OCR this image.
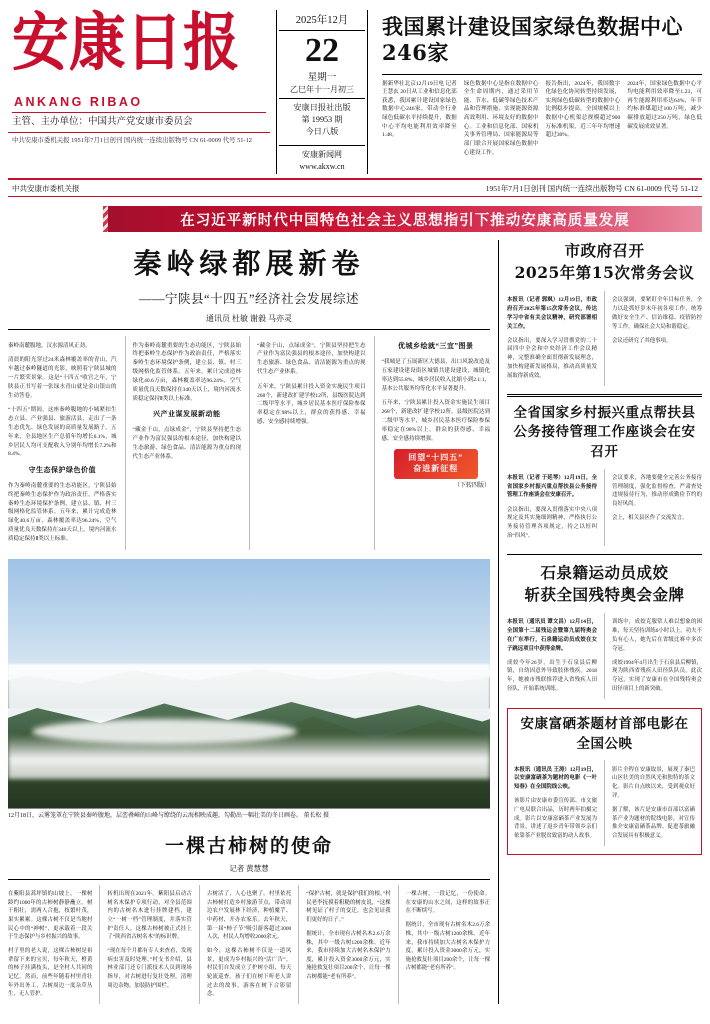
安康日报
ANKANG RIBAO
主管、主办单位：中国共产党安康市委员会
中共安康市委机关报 1951年7月1日创刊 国内统一连续出版物号 CN 61-0009 代号 51-12
2025年12月
22
星期一
乙巳年十一月初三
安康日报社出版
第 19953 期
今日八版
安康新闻网
www.akxw.cn
我国累计建设国家绿色数据中心246家
据新华社北京12月19日电 记者王慧玄 20日从工业和信息化部获悉，我国累计建设国家绿色数据中心246家，带动全行业绿色低碳水平持续提升，数据中心平均电能利用效率降至1.48。
绿色数据中心是指在数据中心全生命周期内，通过采用节能、节水、低碳等绿色技术产品和管理措施，实现能源资源高效利用、环境友好的数据中心。工业和信息化部、国家机关事务管理局、国家能源局等部门联合开展国家绿色数据中心建设工作。
报告指出，2024年，我国数字化绿色化协同转型持续发展，实现绿色低碳转型的数据中心比例稳步提高。全国规模以上数据中心机架总规模超过900万标准机架，近三年年均增速超过30%。
2024年，国家绿色数据中心平均电能利用效率降至1.23，可再生能源利用率达64%，年节约标准煤超过100万吨，减少碳排放超过250万吨，绿色低碳发展成效显著。
中共安康市委机关报	1951年7月1日创刊 国内统一连续出版物号 CN 61-0009 代号 51-12
在习近平新时代中国特色社会主义思想指引下推动安康高质量发展
秦岭绿都展新卷
——宁陕县“十四五”经济社会发展综述
通讯员 杜敏 谢毅 马亦灵

秦岭南麓腹地，汉水源清风正劲。

清晨的阳光穿过24米森林覆盖率的青山，汽车越过秦岭隧道的光影，映照着宁陕县城的一片繁荣景象。这是“十四五”收官之年，宁陕县正书写着一张绿水青山就是金山银山的生动答卷。

“十四五”期间，这座秦岭腹地的小城紧扣生态立县、产业强县、旅游活县，走出了一条生态优先、绿色发展的高质量发展路子。五年来，全县地区生产总值年均增长6.1%，城乡居民人均可支配收入分别年均增长7.2%和8.4%。

守生态保护绿色价值

作为秦岭南麓重要的生态功能区，宁陕县始终把秦岭生态保护作为政治责任，严格落实秦岭生态环境保护条例，建立县、镇、村三级网格化监管体系。五年来，累计完成造林绿化40.6万亩，森林覆盖率达96.24%，空气质量优良天数保持在340天以上，境内河流水质稳定保持Ⅱ类以上标准。

作为秦岭南麓重要的生态功能区，宁陕县始终把秦岭生态保护作为政治责任，严格落实秦岭生态环境保护条例，建立县、镇、村三级网格化监管体系。五年来，累计完成造林绿化40.6万亩，森林覆盖率达96.24%，空气质量优良天数保持在340天以上，境内河流水质稳定保持Ⅱ类以上标准。

兴产业谋发展新动能

“藏金于山，点绿成金”，宁陕县坚持把生态产业作为富民强县的根本途径，加快构建以生态旅游、绿色食品、清洁能源为重点的现代生态产业体系。

“藏金于山，点绿成金”，宁陕县坚持把生态产业作为富民强县的根本途径，加快构建以生态旅游、绿色食品、清洁能源为重点的现代生态产业体系。

五年来，宁陕县累计投入资金实施民生项目268个，新建改扩建学校12所，县级医院达到二级甲等水平，城乡居民基本医疗保险参保率稳定在98%以上，群众的获得感、幸福感、安全感持续增强。

优城乡绘就“三宜”图景

“我城是了五展新区大德县，出口风貌改造及五家建设建设街区城镇共建设建设，城镇化率达到55.8%，城乡居民收入比缩小到2.1:1，基本公共服务均等化水平显著提升。

五年来，宁陕县累计投入资金实施民生项目268个，新建改扩建学校12所，县级医院达到二级甲等水平，城乡居民基本医疗保险参保率稳定在98%以上，群众的获得感、幸福感、安全感持续增强。

回望“十四五”
奋进新征程
（下转四版）
12月18日，云雾笼罩在宁陕县秦岭腹地，层峦叠嶂的山峰与缭绕的云海相映成趣，勾勒出一幅壮美的冬日画卷。 董长松 摄
一棵古柿树的使命
记者 黄慧慧

在紫阳县蒿坪镇的山坡上，一棵树龄约1000年的古柿树静静矗立。树干粗壮，需两人合抱，枝繁叶茂，果实累累。这棵古树不仅是当地村民心中的“神树”，更承载着一段关于生态保护与乡村振兴的故事。

村子里的老人说，这棵古柿树是祖辈留下来的宝贝，每年秋天，橙黄的柿子挂满枝头，是全村人共同的记忆。然而，前些年随着村里青壮年外出务工，古树周边一度杂草丛生，无人管护。

转机出现在2021年。紫阳县启动古树名木保护专项行动，对全县范围内的古树名木进行挂牌建档，建立“一树一档”管理制度，并落实管护责任人。这棵古柿树被正式挂上了“陕西省古树名木”的标识牌。

“现在每个月都有专人来查看，发现病虫害及时处理。”村支书介绍，县林业部门还专门派技术人员到现场指导，对古树进行复壮处理，清理周边杂物，加装防护围栏。

古树活了，人心也聚了。村里依托古柿树打造乡村旅游节点，带动周边农户发展林下经济，种植魔芋、中药材，开办农家乐。去年秋天，第一届“柿子节”吸引游客超过3000人次，村民人均增收2000余元。

如今，这棵古柿树不仅是一道风景，更成为乡村振兴的“活广告”。村民们自发成立了护树小组，每天轮流巡查。孩子们在树下听老人讲过去的故事，游客在树下合影留念。

“保护古树，就是保护我们的根。”村民老李抚摸着粗糙的树皮说，“这棵树见证了村子的变迁，也会见证我们更好的日子。”

据统计，全市现有古树名木2.6万余株，其中一级古树1200余株。近年来，我市持续加大古树名木保护力度，累计投入资金3000余万元，实施抢救复壮项目200余个，让每一棵古树都能“老有所养”。

一棵古树，一段记忆，一份使命。在安康的山水之间，这样的故事正在不断续写。

据统计，全市现有古树名木2.6万余株，其中一级古树1200余株。近年来，我市持续加大古树名木保护力度，累计投入资金3000余万元，实施抢救复壮项目200余个，让每一棵古树都能“老有所养”。

市政府召开
2025年第15次常务会议

本报讯（记者 郭飒）12月19日，市政府召开2025年第15次常务会议，传达学习中省有关会议精神，研究部署相关工作。

会议指出，要深入学习贯彻党的二十届四中全会和中央经济工作会议精神，完整准确全面贯彻新发展理念，加快构建新发展格局，推动高质量发展取得新成效。

会议强调，要紧盯全年目标任务，全力以赴抓好岁末年初各项工作，统筹做好安全生产、信访维稳、疫情防控等工作，确保社会大局和谐稳定。

会议还研究了其他事项。

全省国家乡村振兴重点帮扶县
公务接待管理工作座谈会在安召开

本报讯（记者 于延琴）12月19日，全省国家乡村振兴重点帮扶县公务接待管理工作座谈会在安康召开。

会议指出，要深入贯彻落实中央八项规定及其实施细则精神，严格执行公务接待管理各项规定，持之以恒纠治“四风”。

会议要求，各地要健全完善公务接待管理制度，强化监督检查，严肃查处违规接待行为，推动形成勤俭节约的良好风尚。

会上，相关县区作了交流发言。

石泉籍运动员成姣
斩获全国残特奥会金牌

本报讯（通讯员 谭文昌）12月14日，全国第十二届残运会暨第九届特奥会在广东举行，石泉籍运动员成姣在女子跳远项目中获得金牌。

成姣今年26岁，出生于石泉县后柳镇，自幼因意外导致肢体残疾。2018年，她被市残联推荐进入省残疾人田径队，开始系统训练。

训练中，成姣克服常人难以想象的困难，每天坚持训练6小时以上。功夫不负有心人，她先后在省级比赛中多次夺冠。

成姣1994年4月出生于石泉县后柳镇，现为陕西省残疾人田径队队员。此次夺冠，实现了安康市在全国残特奥会田径项目上的新突破。

安康富硒茶题材首部电影在全国公映

本报讯（通讯员 王涛）12月19日，以安康富硒茶为题材的电影《一叶知春》在全国院线公映。

该影片由安康市委宣传部、市文旅广电局联合出品，历时两年拍摄完成。影片以安康富硒茶产业发展为背景，讲述了返乡青年带领乡亲们依靠茶产业脱贫致富的动人故事。

影片全程在安康取景，展现了秦巴山区壮美的自然风光和独特的茶文化。影片自点映以来，受到观众好评。

据了解，该片是安康市首部以富硒茶产业为题材的院线电影，对宣传推介安康富硒茶品牌、促进茶旅融合发展具有积极意义。
